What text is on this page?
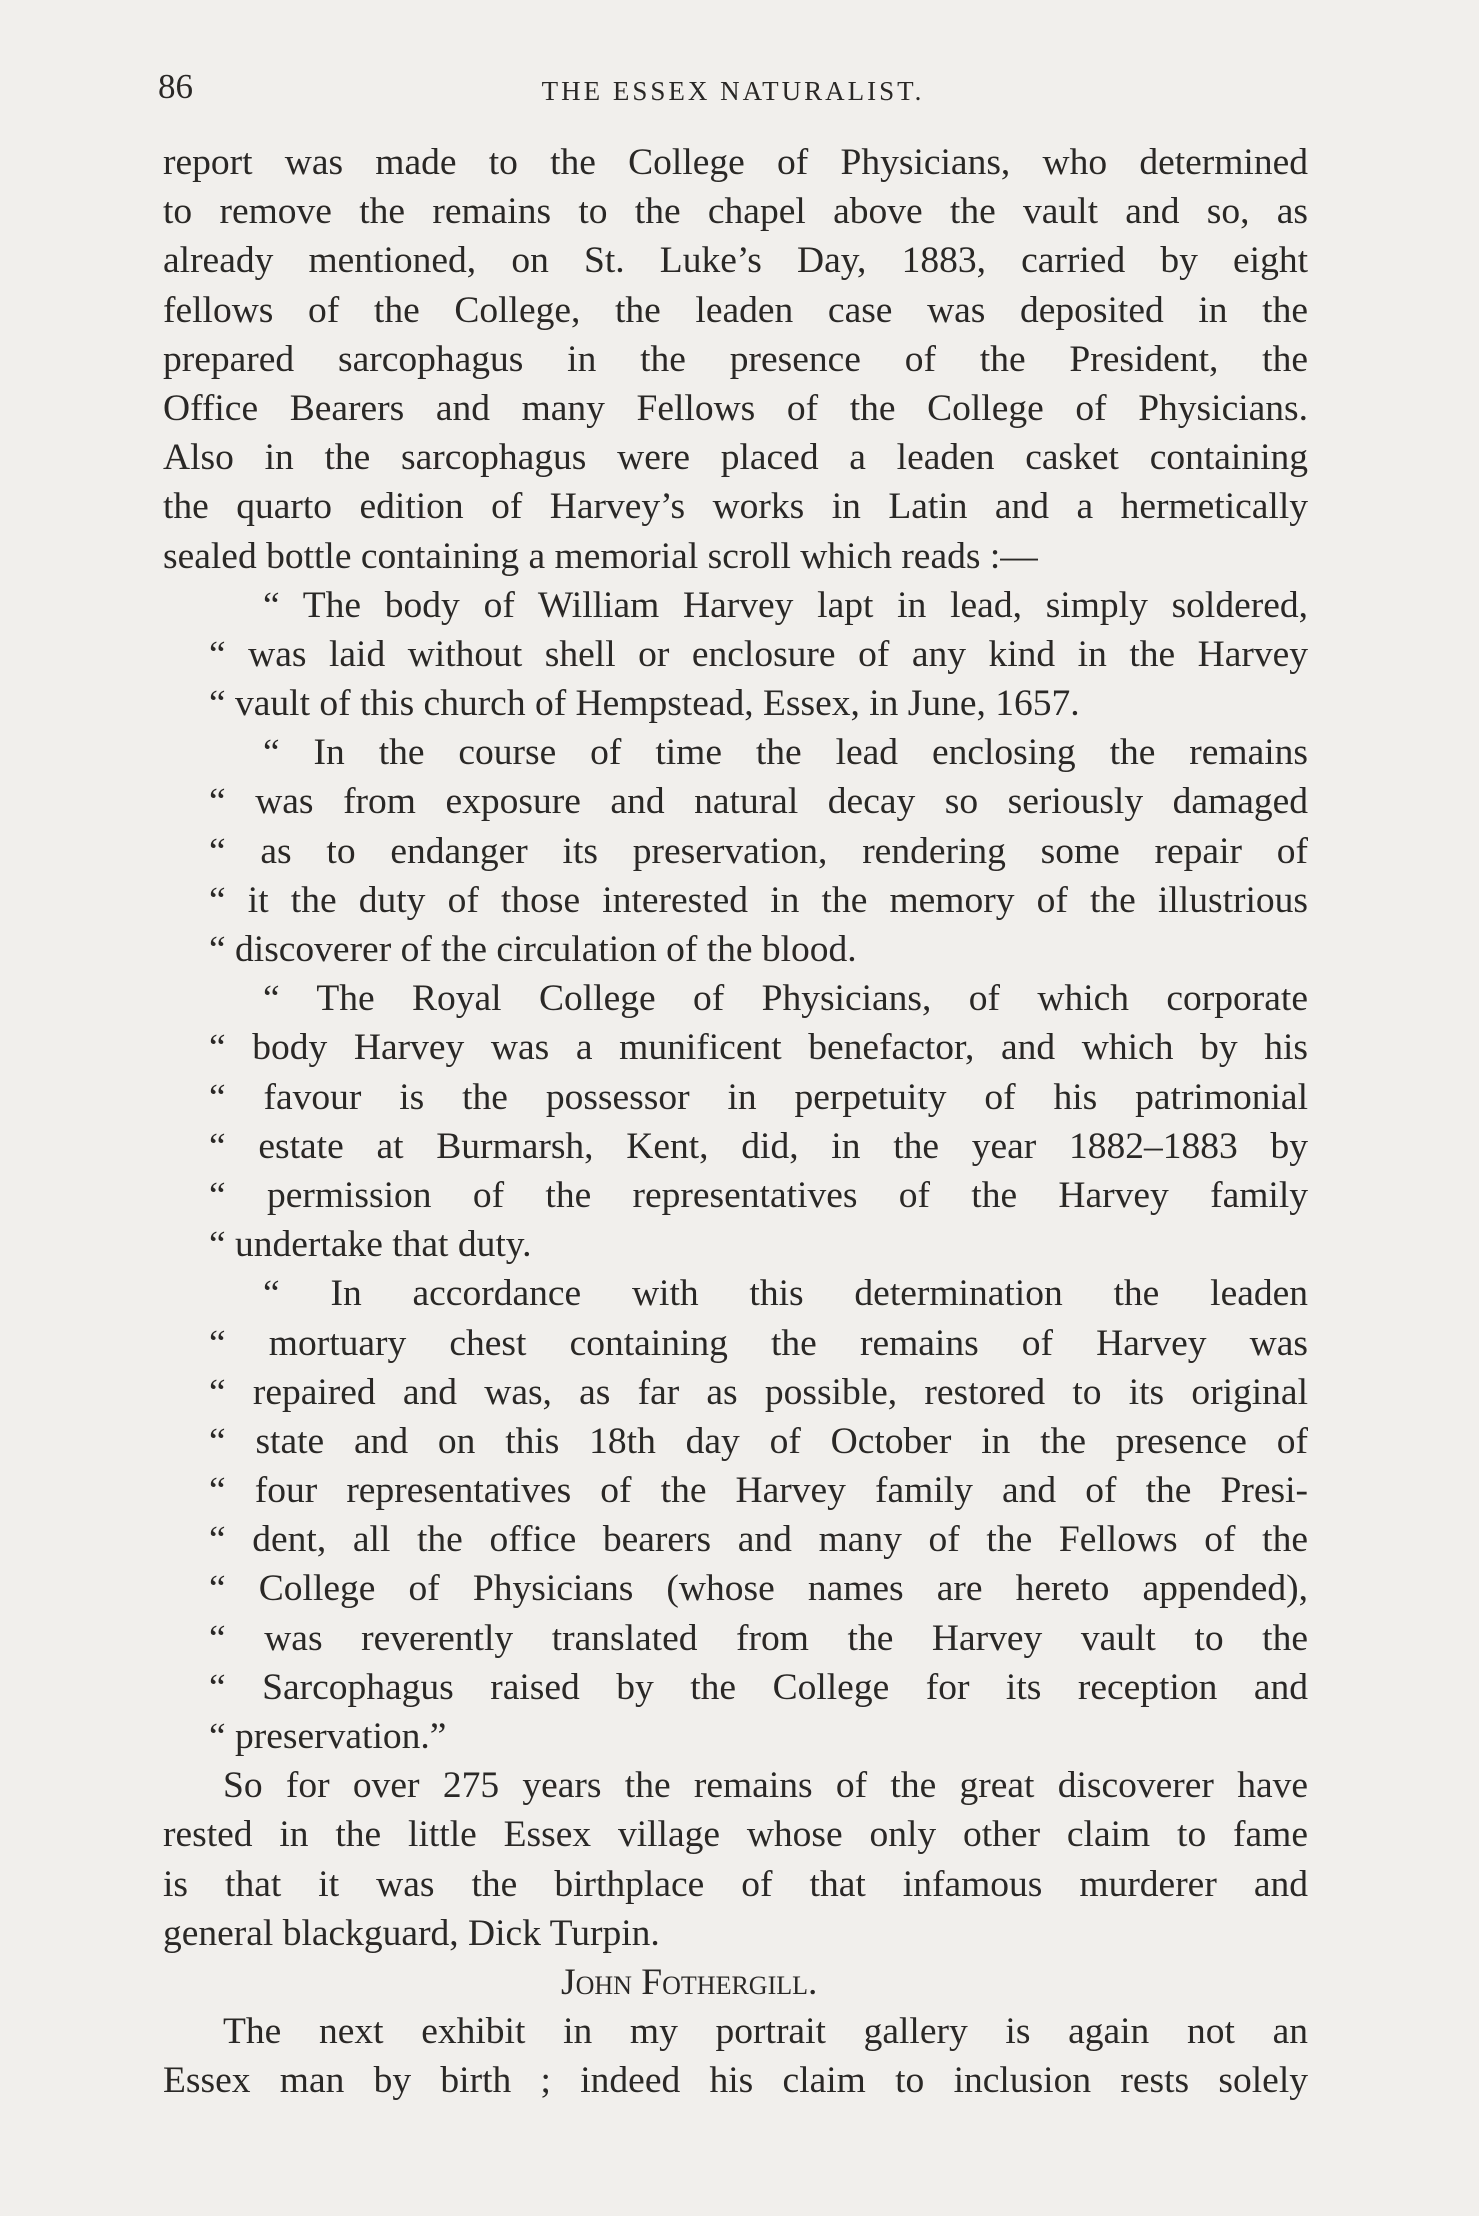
86	THE ESSEX NATURALIST.
report was made to the College of Physicians, who determined
to remove the remains to the chapel above the vault and so, as
already mentioned, on St. Luke’s Day, 1883, carried by eight
fellows of the College, the leaden case was deposited in the
prepared sarcophagus in the presence of the President, the
Office Bearers and many Fellows of the College of Physicians.
Also in the sarcophagus were placed a leaden casket containing
the quarto edition of Harvey’s works in Latin and a hermetically
sealed bottle containing a memorial scroll which reads :—
“ The body of William Harvey lapt in lead, simply soldered,
“ was laid without shell or enclosure of any kind in the Harvey
“ vault of this church of Hempstead, Essex, in June, 1657.
“ In the course of time the lead enclosing the remains
“ was from exposure and natural decay so seriously damaged
“ as to endanger its preservation, rendering some repair of
“ it the duty of those interested in the memory of the illustrious
“ discoverer of the circulation of the blood.
“ The Royal College of Physicians, of which corporate
“ body Harvey was a munificent benefactor, and which by his
“ favour is the possessor in perpetuity of his patrimonial
“ estate at Burmarsh, Kent, did, in the year 1882–1883 by
“ permission of the representatives of the Harvey family
“ undertake that duty.
“ In accordance with this determination the leaden
“ mortuary chest containing the remains of Harvey was
“ repaired and was, as far as possible, restored to its original
“ state and on this 18th day of October in the presence of
“ four representatives of the Harvey family and of the Presi-
“ dent, all the office bearers and many of the Fellows of the
“ College of Physicians (whose names are hereto appended),
“ was reverently translated from the Harvey vault to the
“ Sarcophagus raised by the College for its reception and
“ preservation.”
So for over 275 years the remains of the great discoverer have
rested in the little Essex village whose only other claim to fame
is that it was the birthplace of that infamous murderer and
general blackguard, Dick Turpin.
John Fothergill.
The next exhibit in my portrait gallery is again not an
Essex man by birth ; indeed his claim to inclusion rests solely
